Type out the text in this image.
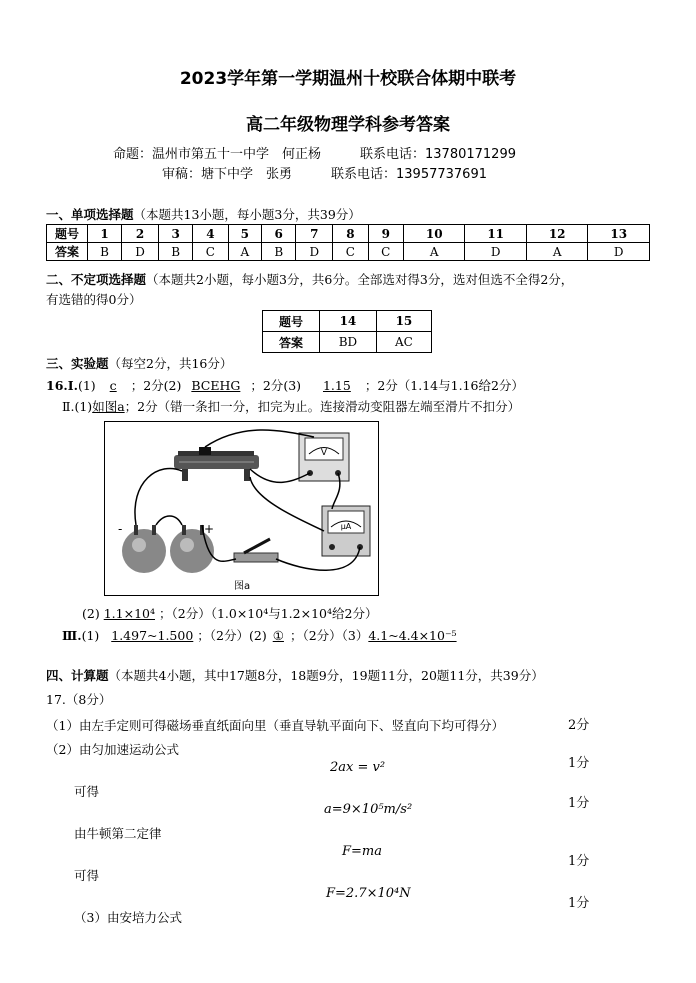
2023学年第一学期温州十校联合体期中联考
高二年级物理学科参考答案
命题：温州市第五十一中学　何正杨　　　联系电话：13780171299
审稿：塘下中学　张勇　　　联系电话：13957737691
一、单项选择题（本题共13小题，每小题3分，共39分）
题号	1	2	3	4	5	6	7	8	9	10	11	12	13
答案	B	D	B	C	A	B	D	C	C	A	D	A	D
二、不定项选择题（本题共2小题，每小题3分，共6分。全部选对得3分，选对但选不全得2分，
有选错的得0分）
题号	14	15
答案	BD	AC
三、实验题（每空2分，共16分）
16.Ⅰ.(1) c ；2分(2) BCEHG ；2分(3) 1.15 ；2分（1.14与1.16给2分）
Ⅱ.(1)如图a；2分（错一条扣一分，扣完为止。连接滑动变阻器左端至滑片不扣分）
V
μA
-	+
图a
(2) 1.1×10⁴ ；（2分）（1.0×10⁴与1.2×10⁴给2分）
Ⅲ.(1) 1.497~1.500 ；（2分）(2) ① ；（2分）（3）4.1~4.4×10⁻⁵
四、计算题（本题共4小题，其中17题8分，18题9分，19题11分，20题11分，共39分）
17.（8分）
（1）由左手定则可得磁场垂直纸面向里（垂直导轨平面向下、竖直向下均可得分）	2分
（2）由匀加速运动公式
2ax = v²	1分
可得
a=9×10⁵m/s²	1分
由牛顿第二定律
F=ma
1分
可得
F=2.7×10⁴N
1分
（3）由安培力公式
